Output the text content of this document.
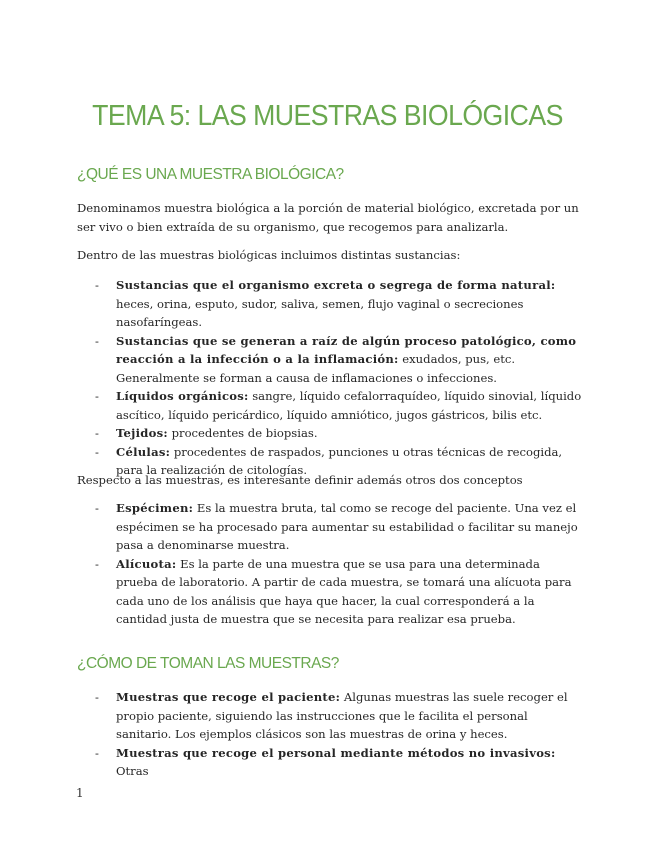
TEMA 5: LAS MUESTRAS BIOLÓGICAS
¿QUÉ ES UNA MUESTRA BIOLÓGICA?

Denominamos muestra biológica a la porción de material biológico, excretada por un ser vivo o bien extraída de su organismo, que recogemos para analizarla.

Dentro de las muestras biológicas incluimos distintas sustancias:

- Sustancias que el organismo excreta o segrega de forma natural: heces, orina, esputo, sudor, saliva, semen, flujo vaginal o secreciones nasofaríngeas.
- Sustancias que se generan a raíz de algún proceso patológico, como reacción a la infección o a la inflamación: exudados, pus, etc. Generalmente se forman a causa de inflamaciones o infecciones.
- Líquidos orgánicos: sangre, líquido cefalorraquídeo, líquido sinovial, líquido ascítico, líquido pericárdico, líquido amniótico, jugos gástricos, bilis etc.
- Tejidos: procedentes de biopsias.
- Células: procedentes de raspados, punciones u otras técnicas de recogida, para la realización de citologías.

Respecto a las muestras, es interesante definir además otros dos conceptos

- Espécimen: Es la muestra bruta, tal como se recoge del paciente. Una vez el espécimen se ha procesado para aumentar su estabilidad o facilitar su manejo pasa a denominarse muestra.
- Alícuota: Es la parte de una muestra que se usa para una determinada prueba de laboratorio. A partir de cada muestra, se tomará una alícuota para cada uno de los análisis que haya que hacer, la cual corresponderá a la cantidad justa de muestra que se necesita para realizar esa prueba.
¿CÓMO DE TOMAN LAS MUESTRAS?
- Muestras que recoge el paciente: Algunas muestras las suele recoger el propio paciente, siguiendo las instrucciones que le facilita el personal sanitario. Los ejemplos clásicos son las muestras de orina y heces.
- Muestras que recoge el personal mediante métodos no invasivos: Otras
1
